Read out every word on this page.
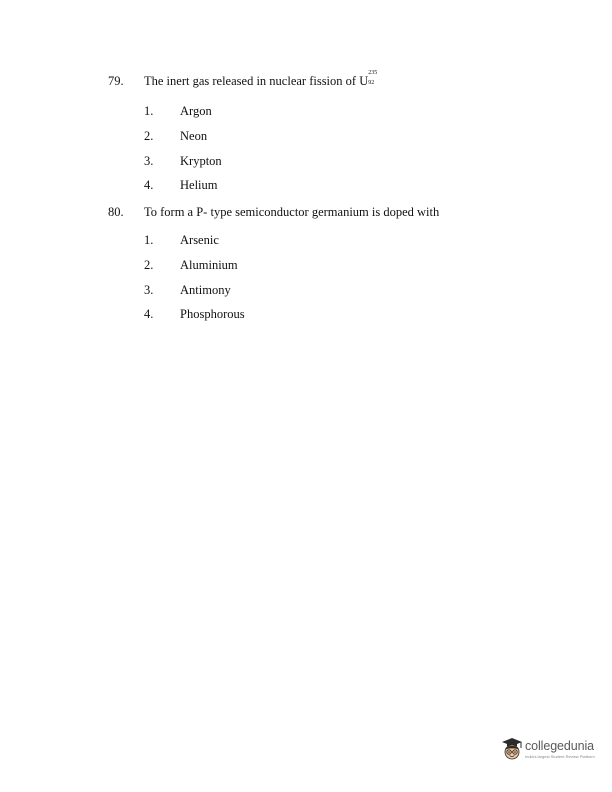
79. The inert gas released in nuclear fission of U
235
92
1. Argon
2. Neon
3. Krypton
4. Helium
80. To form a P- type semiconductor germanium is doped with
1. Arsenic
2. Aluminium
3. Antimony
4. Phosphorous
collegedunia
India's largest Student Review Platform
